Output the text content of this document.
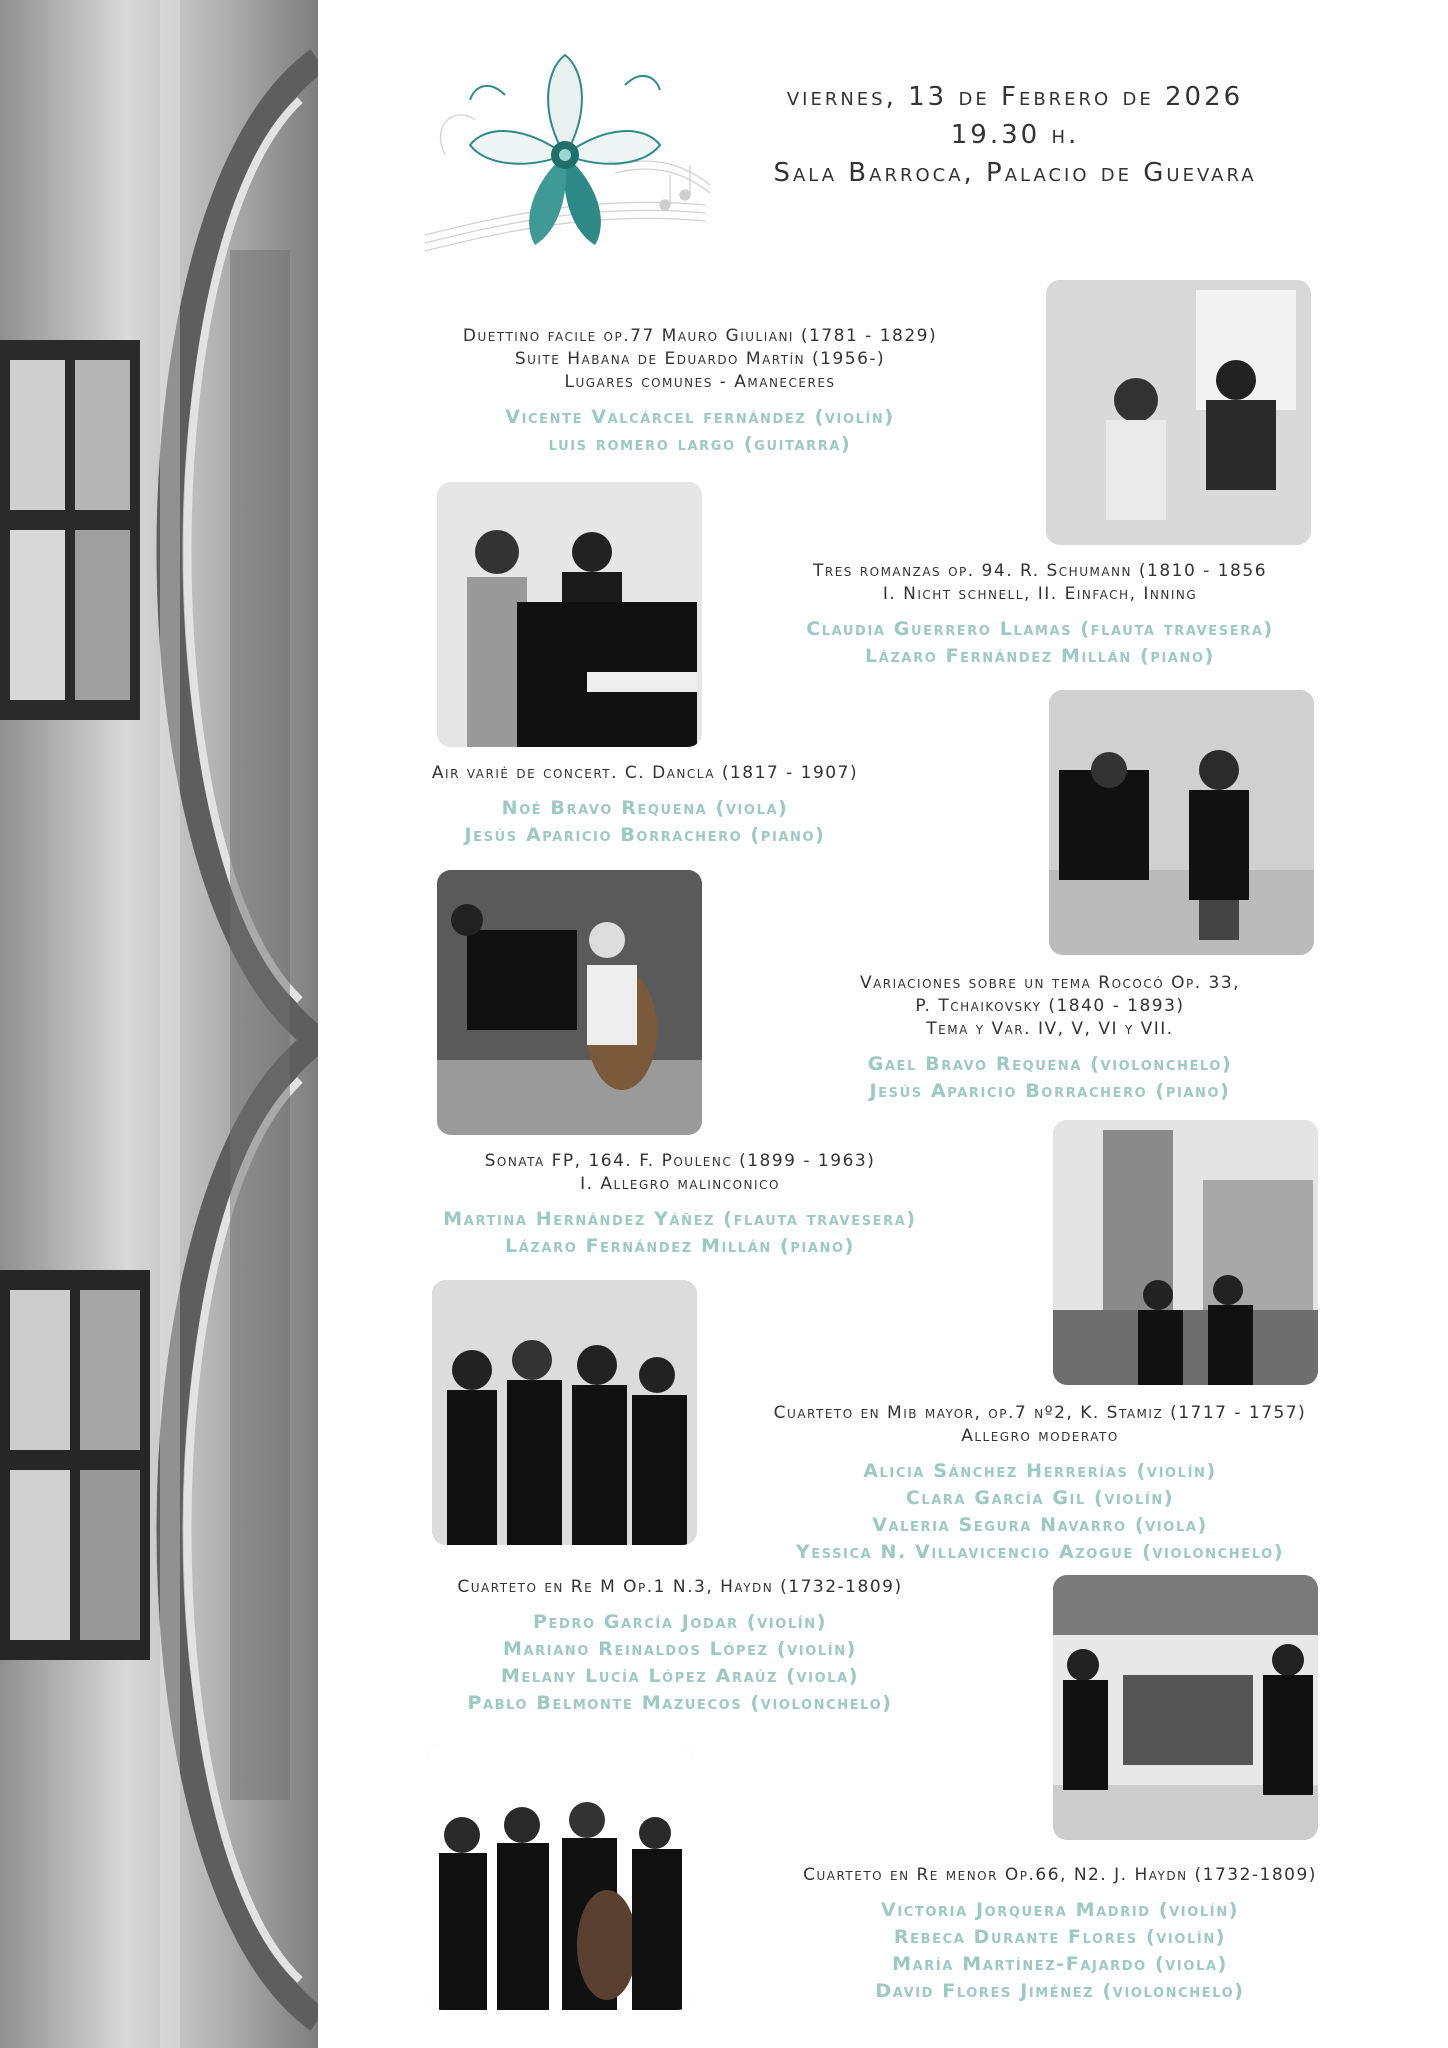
viernes, 13 de Febrero de 2026
19.30 h.
Sala Barroca, Palacio de Guevara
Duettino facile op.77 Mauro Giuliani (1781 - 1829)
Suite Habana de Eduardo Martín (1956-)
Lugares comunes - Amaneceres
Vicente Valcárcel fernández (violín)
luis romero largo (guitarra)
Tres romanzas op. 94. R. Schumann (1810 - 1856
I. Nicht schnell, II. Einfach, Inning
Claudia Guerrero Llamas (flauta travesera)
Lázaro Fernández Millán (piano)
Air varié de concert. C. Dancla (1817 - 1907)
Noé Bravo Requena (viola)
Jesús Aparicio Borrachero (piano)
Variaciones sobre un tema Rococó Op. 33,
P. Tchaikovsky (1840 - 1893)
Tema y Var. IV, V, VI y VII.
Gael Bravo Requena (violonchelo)
Jesús Aparicio Borrachero (piano)
Sonata FP, 164. F. Poulenc (1899 - 1963)
I. Allegro malinconico
Martina Hernández Yáñez (flauta travesera)
Lázaro Fernández Millán (piano)
Cuarteto en Mib mayor, op.7 nº2, K. Stamiz (1717 - 1757)
Allegro moderato
Alicia Sánchez Herrerías (violín)
Clara García Gil (violín)
Valeria Segura Navarro (viola)
Yessica N. Villavicencio Azogue (violonchelo)
Cuarteto en Re M Op.1 N.3, Haydn (1732-1809)
Pedro García Jodar (violín)
Mariano Reinaldos López (violín)
Melany Lucía López Araúz (viola)
Pablo Belmonte Mazuecos (violonchelo)
Cuarteto en Re menor Op.66, N2. J. Haydn (1732-1809)
Victoria Jorquera Madrid (violín)
Rebeca Durante Flores (violín)
María Martínez-Fajardo (viola)
David Flores Jiménez (violonchelo)
